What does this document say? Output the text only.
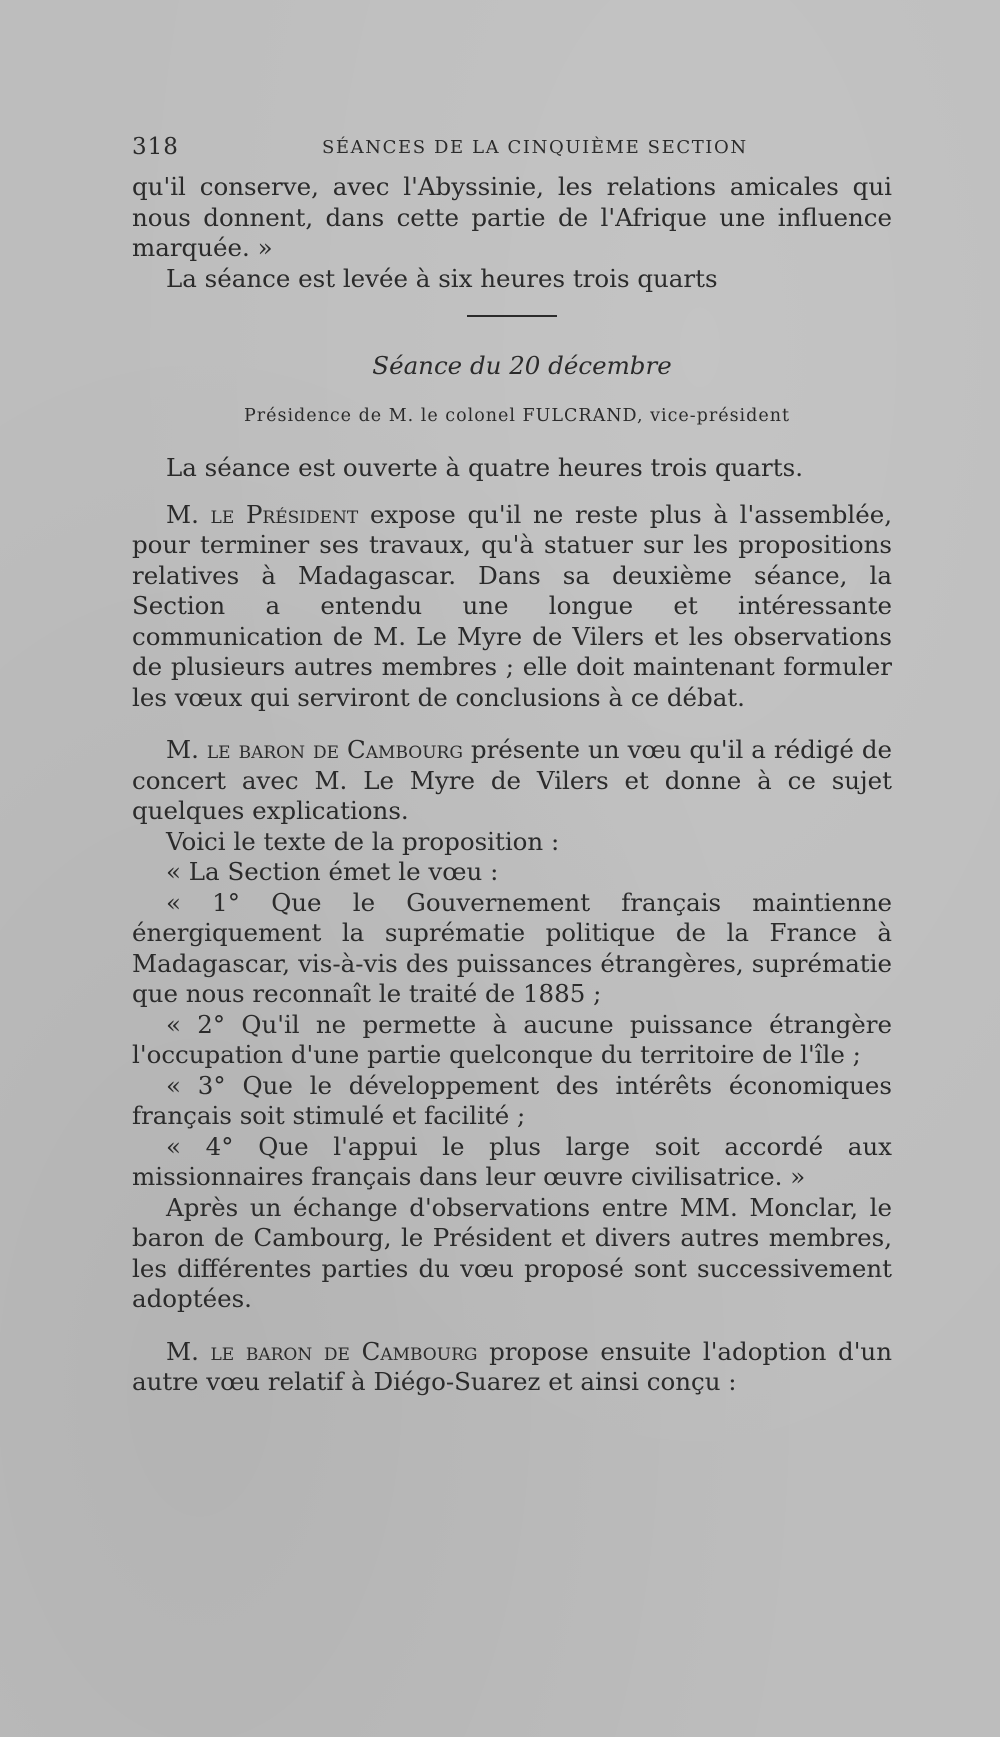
318	SÉANCES DE LA CINQUIÈME SECTION

qu'il conserve, avec l'Abyssinie, les relations amicales qui nous donnent, dans cette partie de l'Afrique une influence marquée. »

La séance est levée à six heures trois quarts

Séance du 20 décembre

Présidence de M. le colonel FULCRAND, vice-président

La séance est ouverte à quatre heures trois quarts.

M. le Président expose qu'il ne reste plus à l'assemblée, pour terminer ses travaux, qu'à statuer sur les propositions relatives à Madagascar. Dans sa deuxième séance, la Section a entendu une longue et intéressante communication de M. Le Myre de Vilers et les observations de plusieurs autres membres ; elle doit maintenant formuler les vœux qui serviront de conclusions à ce débat.

M. le baron de Cambourg présente un vœu qu'il a rédigé de concert avec M. Le Myre de Vilers et donne à ce sujet quelques explications.

Voici le texte de la proposition :

« La Section émet le vœu :

« 1° Que le Gouvernement français maintienne énergiquement la suprématie politique de la France à Madagascar, vis-à-vis des puissances étrangères, suprématie que nous reconnaît le traité de 1885 ;

« 2° Qu'il ne permette à aucune puissance étrangère l'occupation d'une partie quelconque du territoire de l'île ;

« 3° Que le développement des intérêts économiques français soit stimulé et facilité ;

« 4° Que l'appui le plus large soit accordé aux missionnaires français dans leur œuvre civilisatrice. »

Après un échange d'observations entre MM. Monclar, le baron de Cambourg, le Président et divers autres membres, les différentes parties du vœu proposé sont successivement adoptées.

M. le baron de Cambourg propose ensuite l'adoption d'un autre vœu relatif à Diégo-Suarez et ainsi conçu :
